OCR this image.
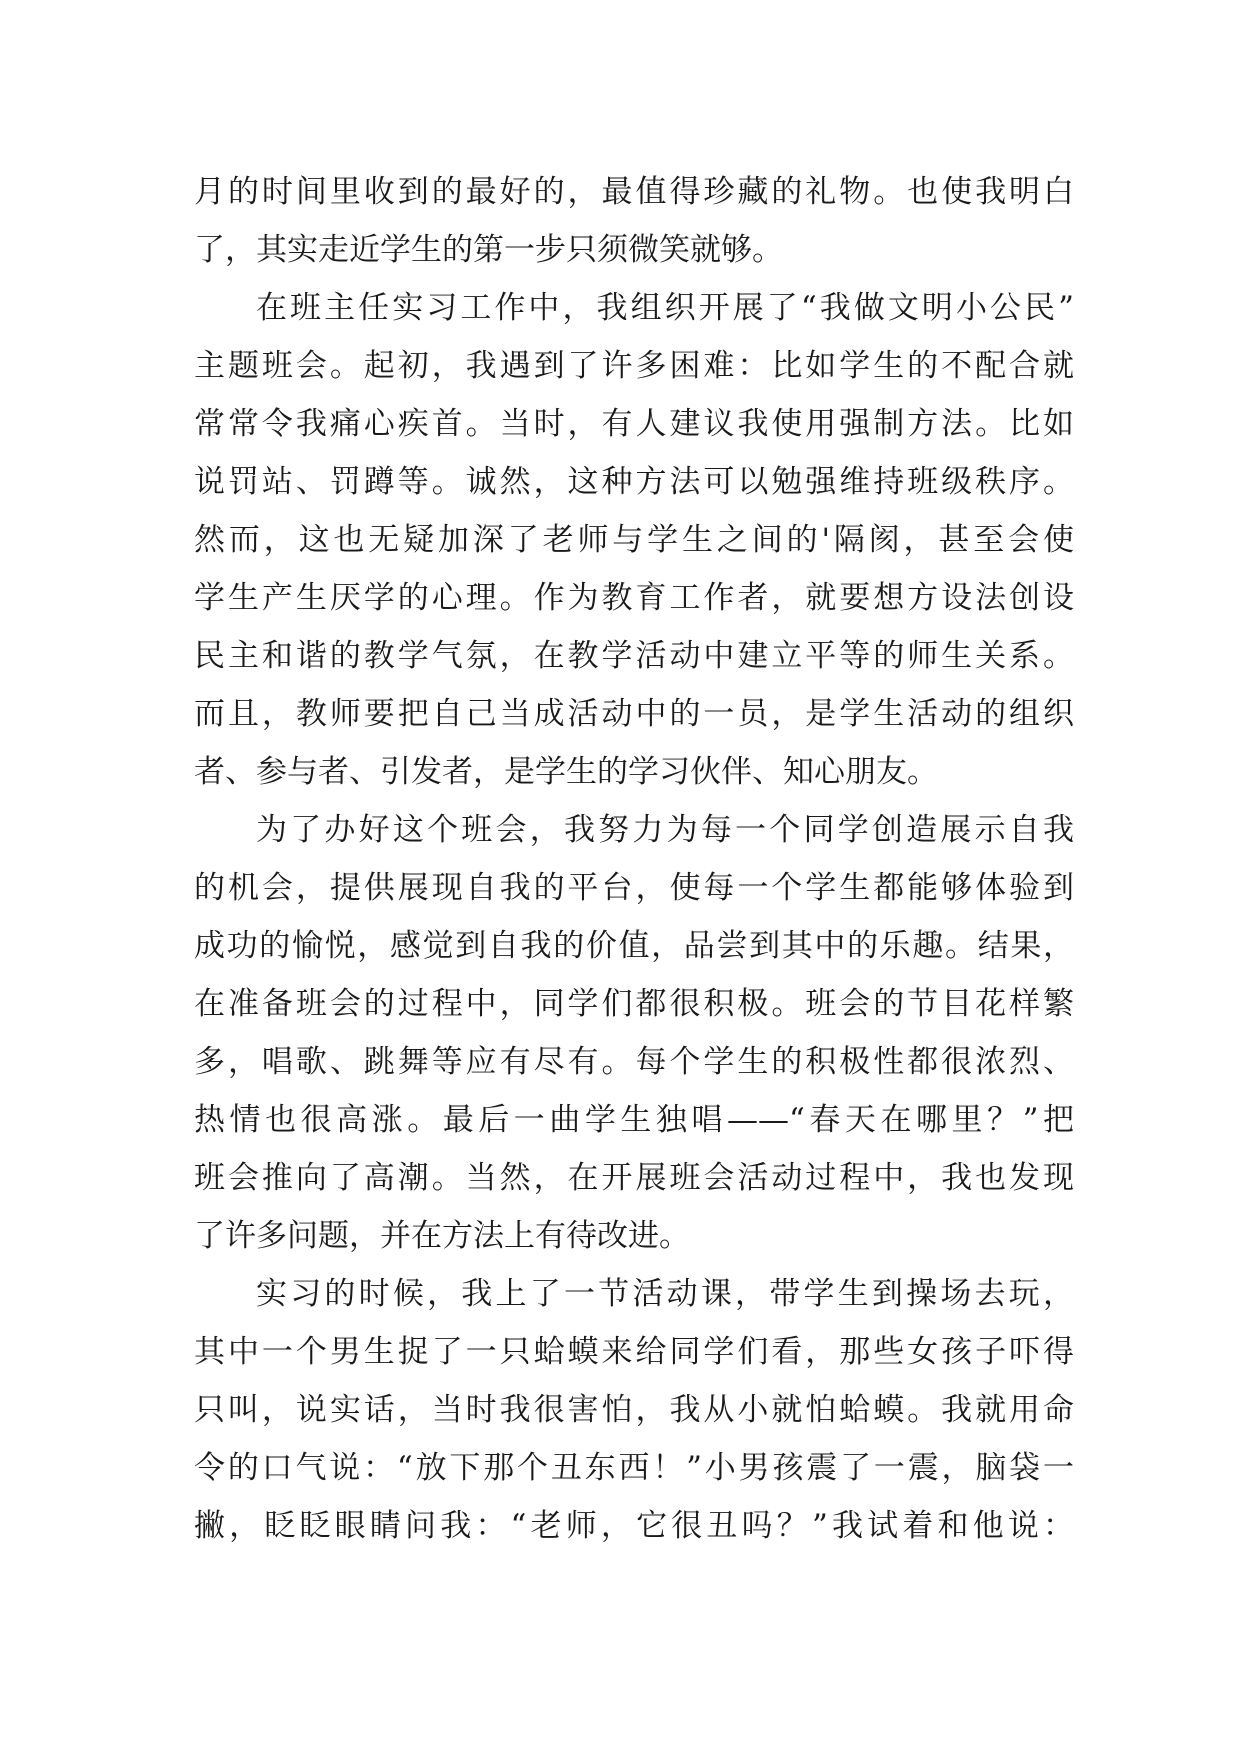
月的时间里收到的最好的，最值得珍藏的礼物。也使我明白
了，其实走近学生的第一步只须微笑就够。
在班主任实习工作中，我组织开展了“我做文明小公民”
主题班会。起初，我遇到了许多困难：比如学生的不配合就
常常令我痛心疾首。当时，有人建议我使用强制方法。比如
说罚站、罚蹲等。诚然，这种方法可以勉强维持班级秩序。
然而，这也无疑加深了老师与学生之间的'隔阂，甚至会使
学生产生厌学的心理。作为教育工作者，就要想方设法创设
民主和谐的教学气氛，在教学活动中建立平等的师生关系。
而且，教师要把自己当成活动中的一员，是学生活动的组织
者、参与者、引发者，是学生的学习伙伴、知心朋友。
为了办好这个班会，我努力为每一个同学创造展示自我
的机会，提供展现自我的平台，使每一个学生都能够体验到
成功的愉悦，感觉到自我的价值，品尝到其中的乐趣。结果，
在准备班会的过程中，同学们都很积极。班会的节目花样繁
多，唱歌、跳舞等应有尽有。每个学生的积极性都很浓烈、
热情也很高涨。最后一曲学生独唱——“春天在哪里？”把
班会推向了高潮。当然，在开展班会活动过程中，我也发现
了许多问题，并在方法上有待改进。
实习的时候，我上了一节活动课，带学生到操场去玩，
其中一个男生捉了一只蛤蟆来给同学们看，那些女孩子吓得
只叫，说实话，当时我很害怕，我从小就怕蛤蟆。我就用命
令的口气说：“放下那个丑东西！”小男孩震了一震，脑袋一
撇，眨眨眼睛问我：“老师，它很丑吗？”我试着和他说：
